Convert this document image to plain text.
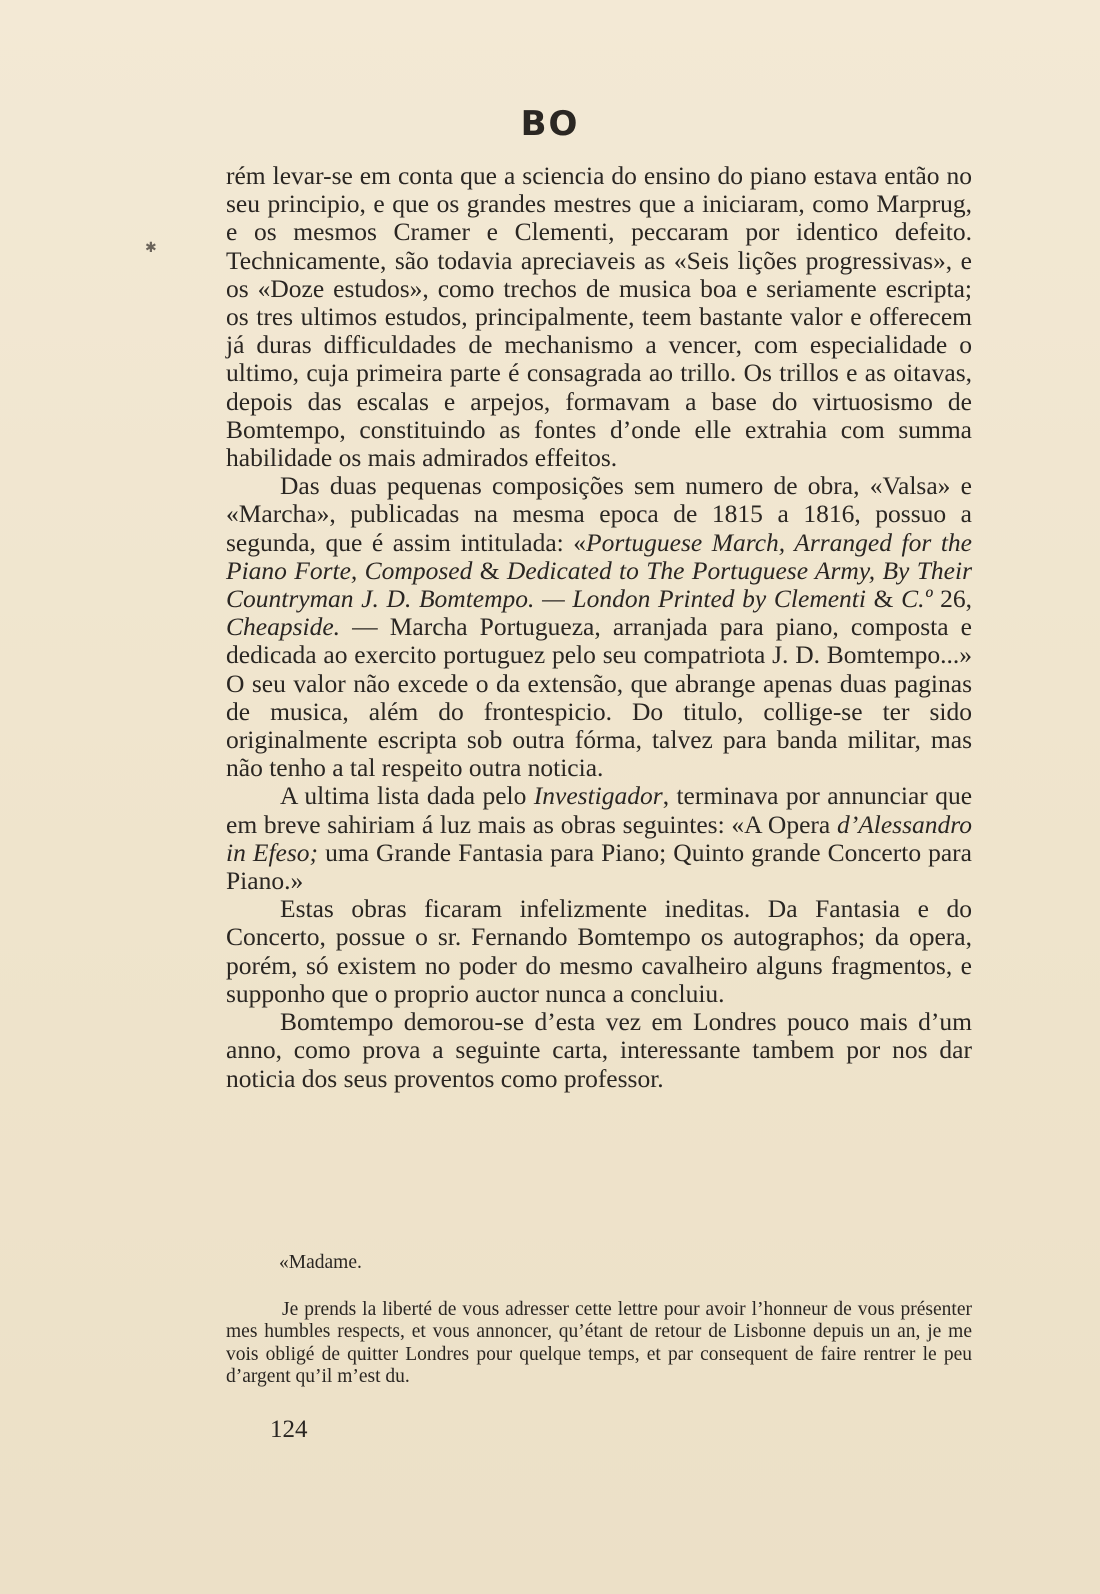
BO
✱

rém levar-se em conta que a sciencia do ensino do piano estava então no seu principio, e que os grandes mestres que a iniciaram, como Marprug, e os mesmos Cramer e Clementi, peccaram por identico defeito. Technicamente, são todavia apreciaveis as «Seis lições progressivas», e os «Doze estudos», como trechos de musica boa e seriamente escripta; os tres ultimos estudos, principalmente, teem bastante valor e offerecem já duras difficuldades de mechanismo a vencer, com especialidade o ultimo, cuja primeira parte é consagrada ao trillo. Os trillos e as oitavas, depois das escalas e arpejos, formavam a base do virtuosismo de Bomtempo, constituindo as fontes d’onde elle extrahia com summa habilidade os mais admirados effeitos.

Das duas pequenas composições sem numero de obra, «Valsa» e «Marcha», publicadas na mesma epoca de 1815 a 1816, possuo a segunda, que é assim intitulada: «Portuguese March, Arranged for the Piano Forte, Composed & Dedicated to The Portuguese Army, By Their Countryman J. D. Bomtempo. — London Printed by Clementi & C.º 26, Cheapside. — Marcha Portugueza, arranjada para piano, composta e dedicada ao exercito portuguez pelo seu compatriota J. D. Bomtempo...» O seu valor não excede o da extensão, que abrange apenas duas paginas de musica, além do frontespicio. Do titulo, collige-se ter sido originalmente escripta sob outra fórma, talvez para banda militar, mas não tenho a tal respeito outra noticia.

A ultima lista dada pelo Investigador, terminava por annunciar que em breve sahiriam á luz mais as obras seguintes: «A Opera d’Alessandro in Efeso; uma Grande Fantasia para Piano; Quinto grande Concerto para Piano.»

Estas obras ficaram infelizmente ineditas. Da Fantasia e do Concerto, possue o sr. Fernando Bomtempo os autographos; da opera, porém, só existem no poder do mesmo cavalheiro alguns fragmentos, e supponho que o proprio auctor nunca a concluiu.

Bomtempo demorou-se d’esta vez em Londres pouco mais d’um anno, como prova a seguinte carta, interessante tambem por nos dar noticia dos seus proventos como professor.

«Madame.

Je prends la liberté de vous adresser cette lettre pour avoir l’honneur de vous présenter mes humbles respects, et vous annoncer, qu’étant de retour de Lisbonne depuis un an, je me vois obligé de quitter Londres pour quelque temps, et par consequent de faire rentrer le peu d’argent qu’il m’est du.

124
